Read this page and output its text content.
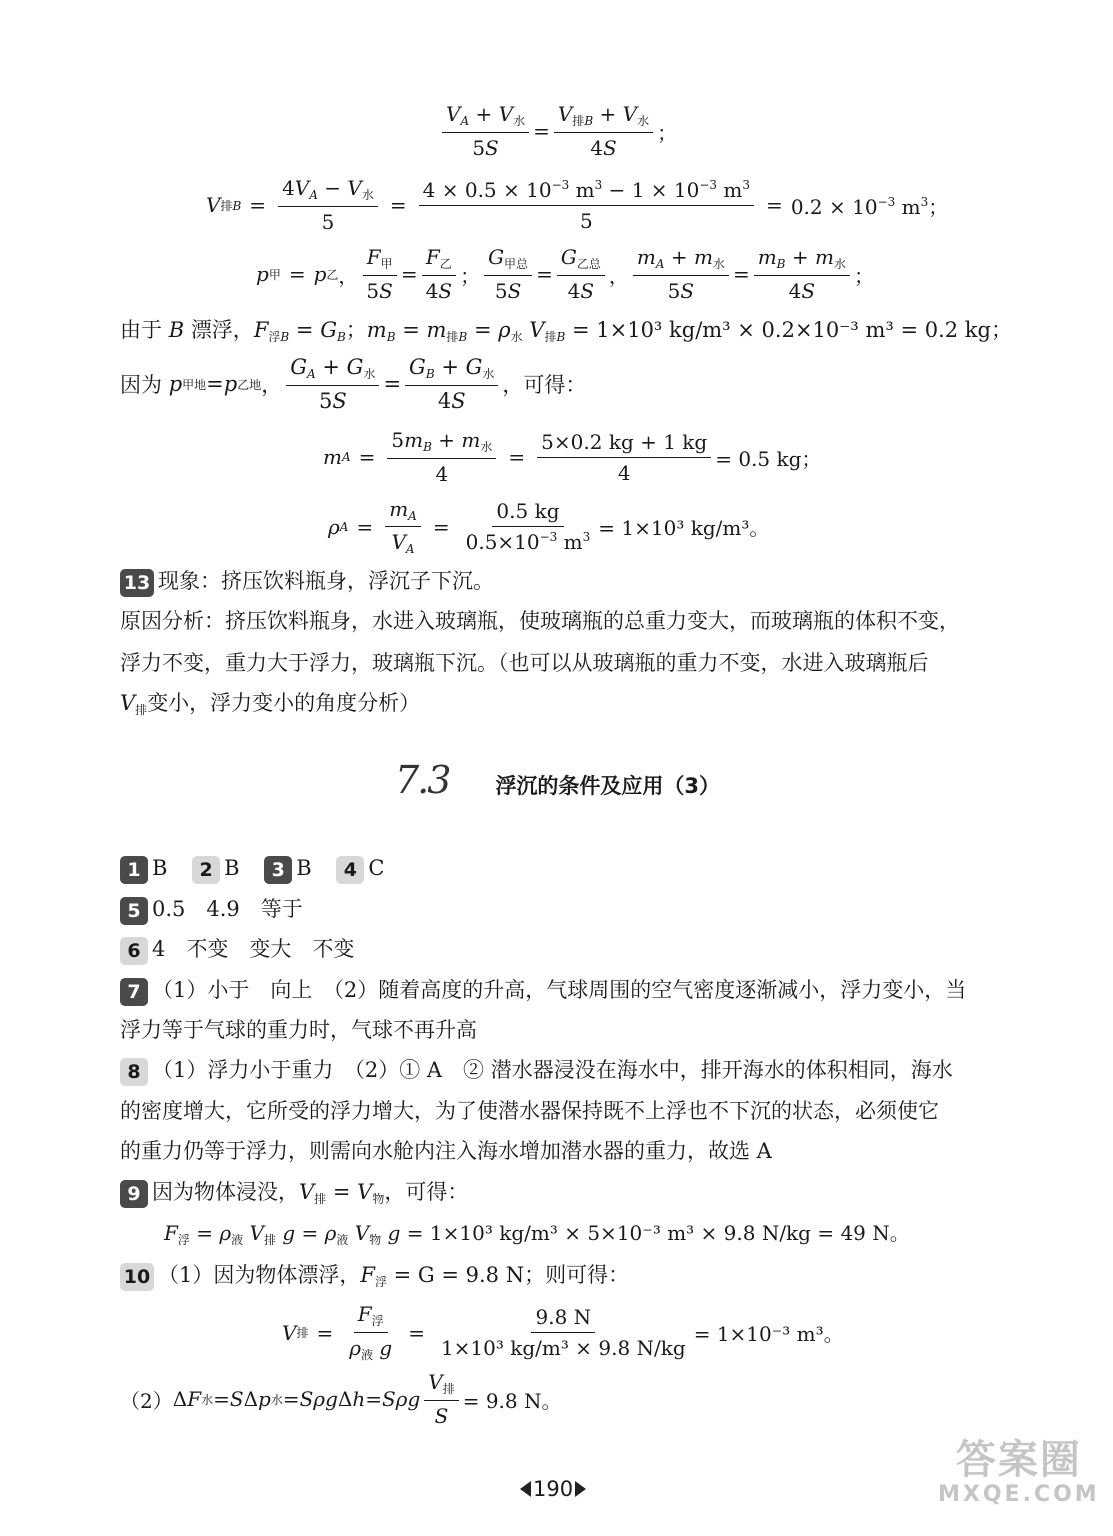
$V_A + V_水$
5S
=
$V_{排B} + V_水$
4S
；
V 排B =
$4V_A - V_水$
5
= $\frac{4 \times 0.5 \times 10^{-3} m^3 - 1 \times 10^{-3} m^3}{5} = 0.2 \times 10^{-3}$ $m^3$；
p 甲 = p 乙 ，
$F_甲$
5S
=
$F_乙$
4S
；
$G_{甲总}$
5S
=
$G_{乙总}$
4S
，
$m_A + m_水$
5S
=
$m_B + m_水$
4S
；
由于 B 漂浮，$F_{浮B} = G_B$；$m_B = m_{排B} = \rho_水$ $V_{排B} = 1\times 10^3$ kg/m³ × 0.2×10⁻³ m³ = 0.2 kg；
因为
p 甲地 = p 乙地 ，
$G_A + G_水$
5S
=
$G_B + G_水$
4S
，可得：
m A =
$5m_B + m_水$
4
= $\frac{5\times 0.2 kg + 1 kg}{4} = 0.5$ kg；
ρ $A = \frac{m_A}{V_A} = \frac{0.5 kg}{0.5\times 10^{-3} m^3} = 1\times 10^3$ kg/m³。
13 现象：挤压饮料瓶身，浮沉子下沉。
原因分析：挤压饮料瓶身，水进入玻璃瓶，使玻璃瓶的总重力变大，而玻璃瓶的体积不变，
浮力不变，重力大于浮力，玻璃瓶下沉。（也可以从玻璃瓶的重力不变，水进入玻璃瓶后
$V_排$变小，浮力变小的角度分析）
7.3 浮沉的条件及应用（3）
1 B 2 B 3 B 4 C
5 0.5　4.9　等于
6 4　不变　变大　不变
7 （1）小于　向上　（2）随着高度的升高，气球周围的空气密度逐渐减小，浮力变小，当
浮力等于气球的重力时，气球不再升高
8 （1）浮力小于重力　（2）① A　② 潜水器浸没在海水中，排开海水的体积相同，海水
的密度增大，它所受的浮力增大，为了使潜水器保持既不上浮也不下沉的状态，必须使它
的重力仍等于浮力，则需向水舱内注入海水增加潜水器的重力，故选 A
9 因为物体浸没，$V_排 = V_物$，可得：
$F_浮 = \rho_液$ $V_排$ $g = \rho_液$ $V_物$ g = 1×10³ kg/m³ × 5×10⁻³ m³ × 9.8 N/kg = 49 N。
10 （1）因为物体漂浮，$F_浮 = G = 9.8$ N；则可得：
V 排 =
$F_浮$
$\rho_液$ g
= $\frac{9.8 N}{\text{1×10³ kg/m³ × 9.8 N/kg}} = 1\times 10^{-3}$ m³。
（2） Δ F 水 = S Δ p 水 = Sρg Δ h = Sρg
$V_排$
S
= 9.8 N。
190
答案圈
MXQE.COM
